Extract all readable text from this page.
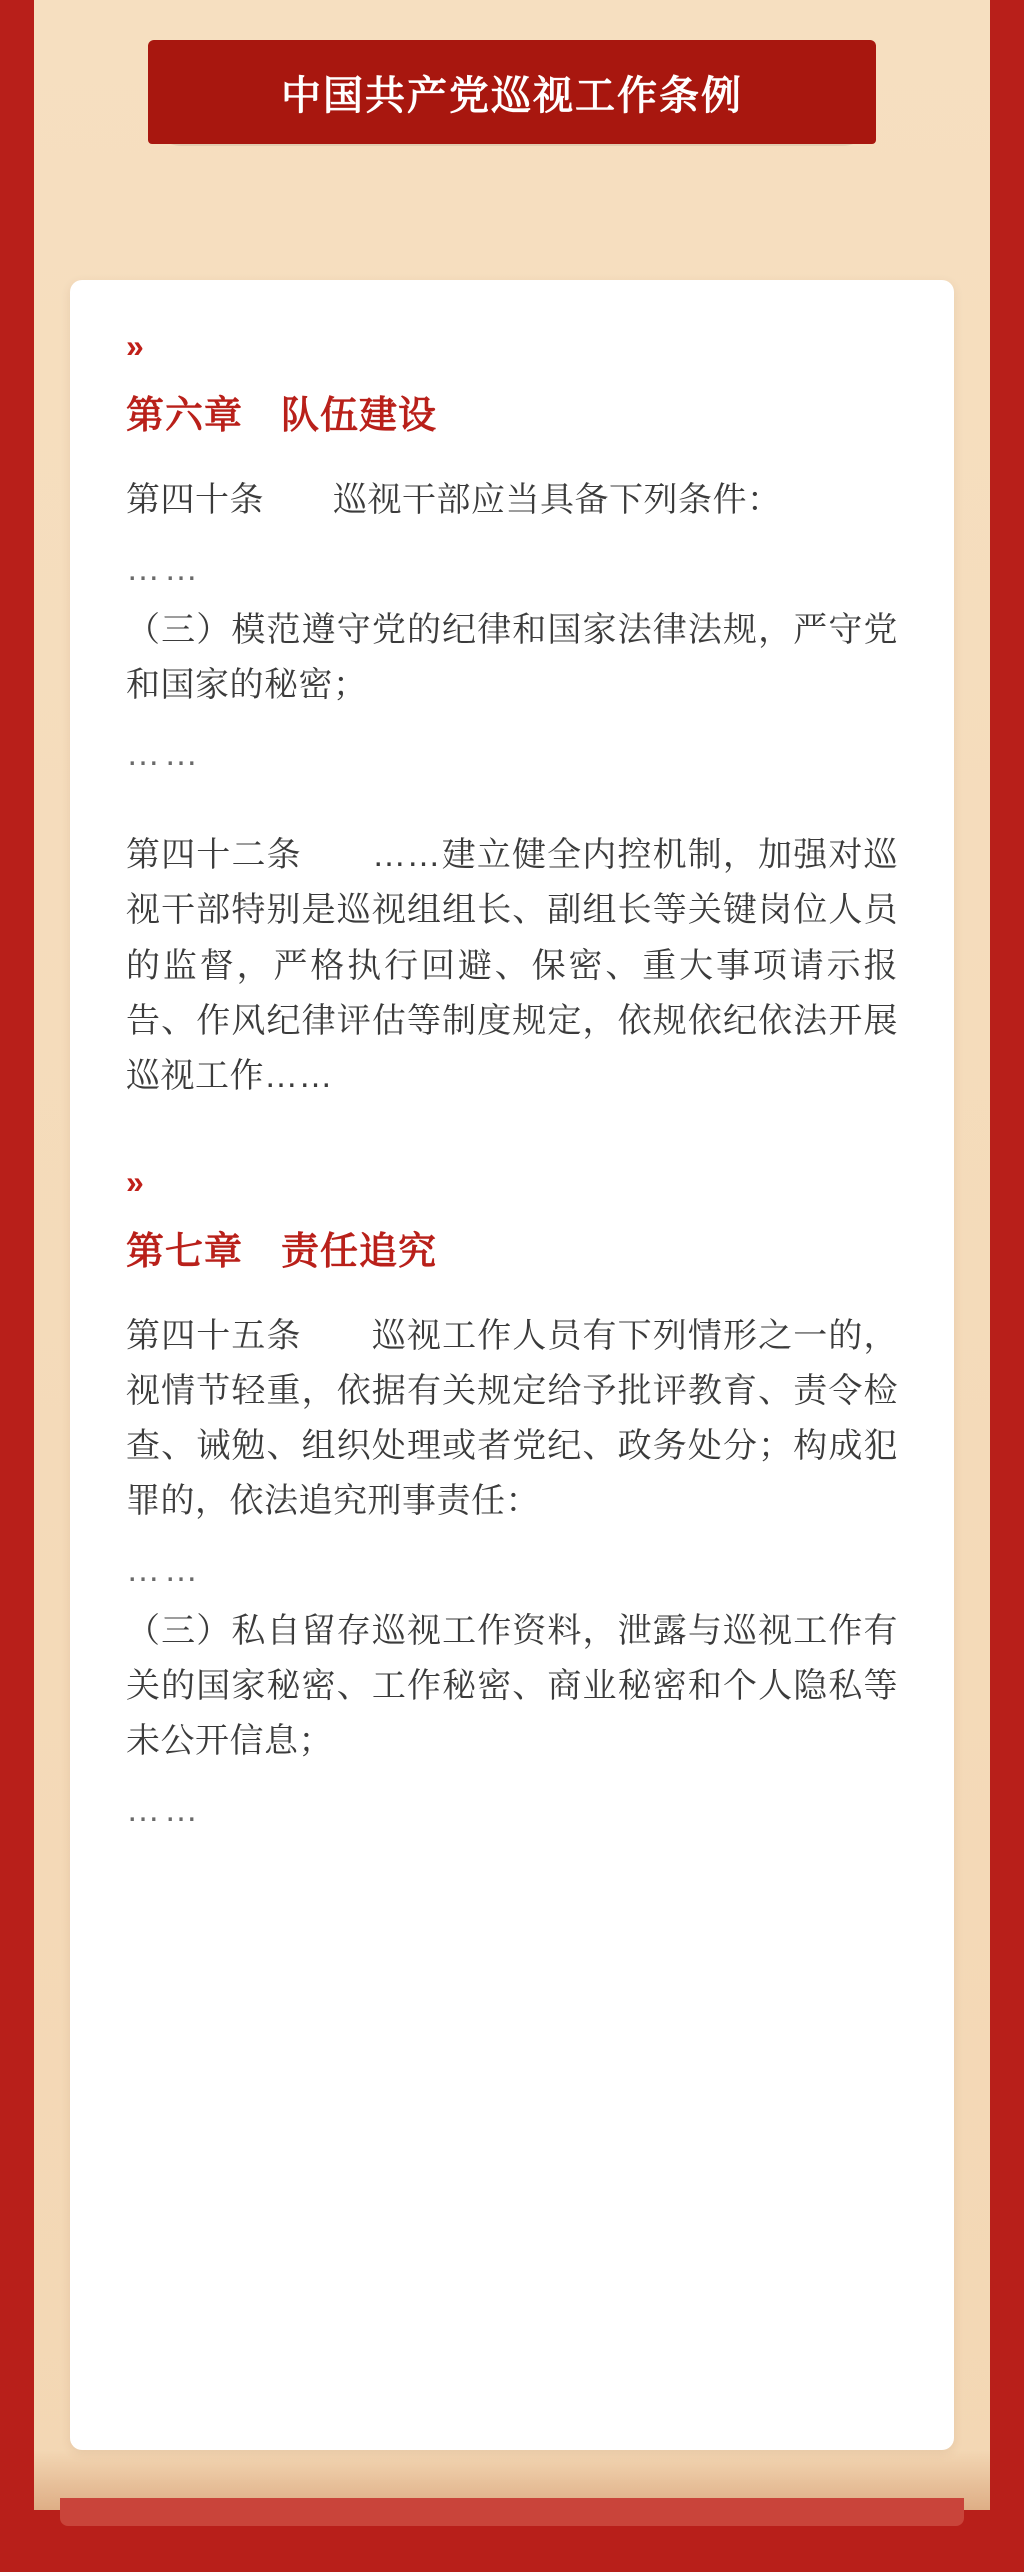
中国共产党巡视工作条例
»
第六章 队伍建设

第四十条　　巡视干部应当具备下列条件：

……

（三）模范遵守党的纪律和国家法律法规，严守党和国家的秘密；

……

第四十二条　　……建立健全内控机制，加强对巡视干部特别是巡视组组长、副组长等关键岗位人员的监督，严格执行回避、保密、重大事项请示报告、作风纪律评估等制度规定，依规依纪依法开展巡视工作……

»
第七章 责任追究

第四十五条　　巡视工作人员有下列情形之一的，视情节轻重，依据有关规定给予批评教育、责令检查、诫勉、组织处理或者党纪、政务处分；构成犯罪的，依法追究刑事责任：

……

（三）私自留存巡视工作资料，泄露与巡视工作有关的国家秘密、工作秘密、商业秘密和个人隐私等未公开信息；

……
